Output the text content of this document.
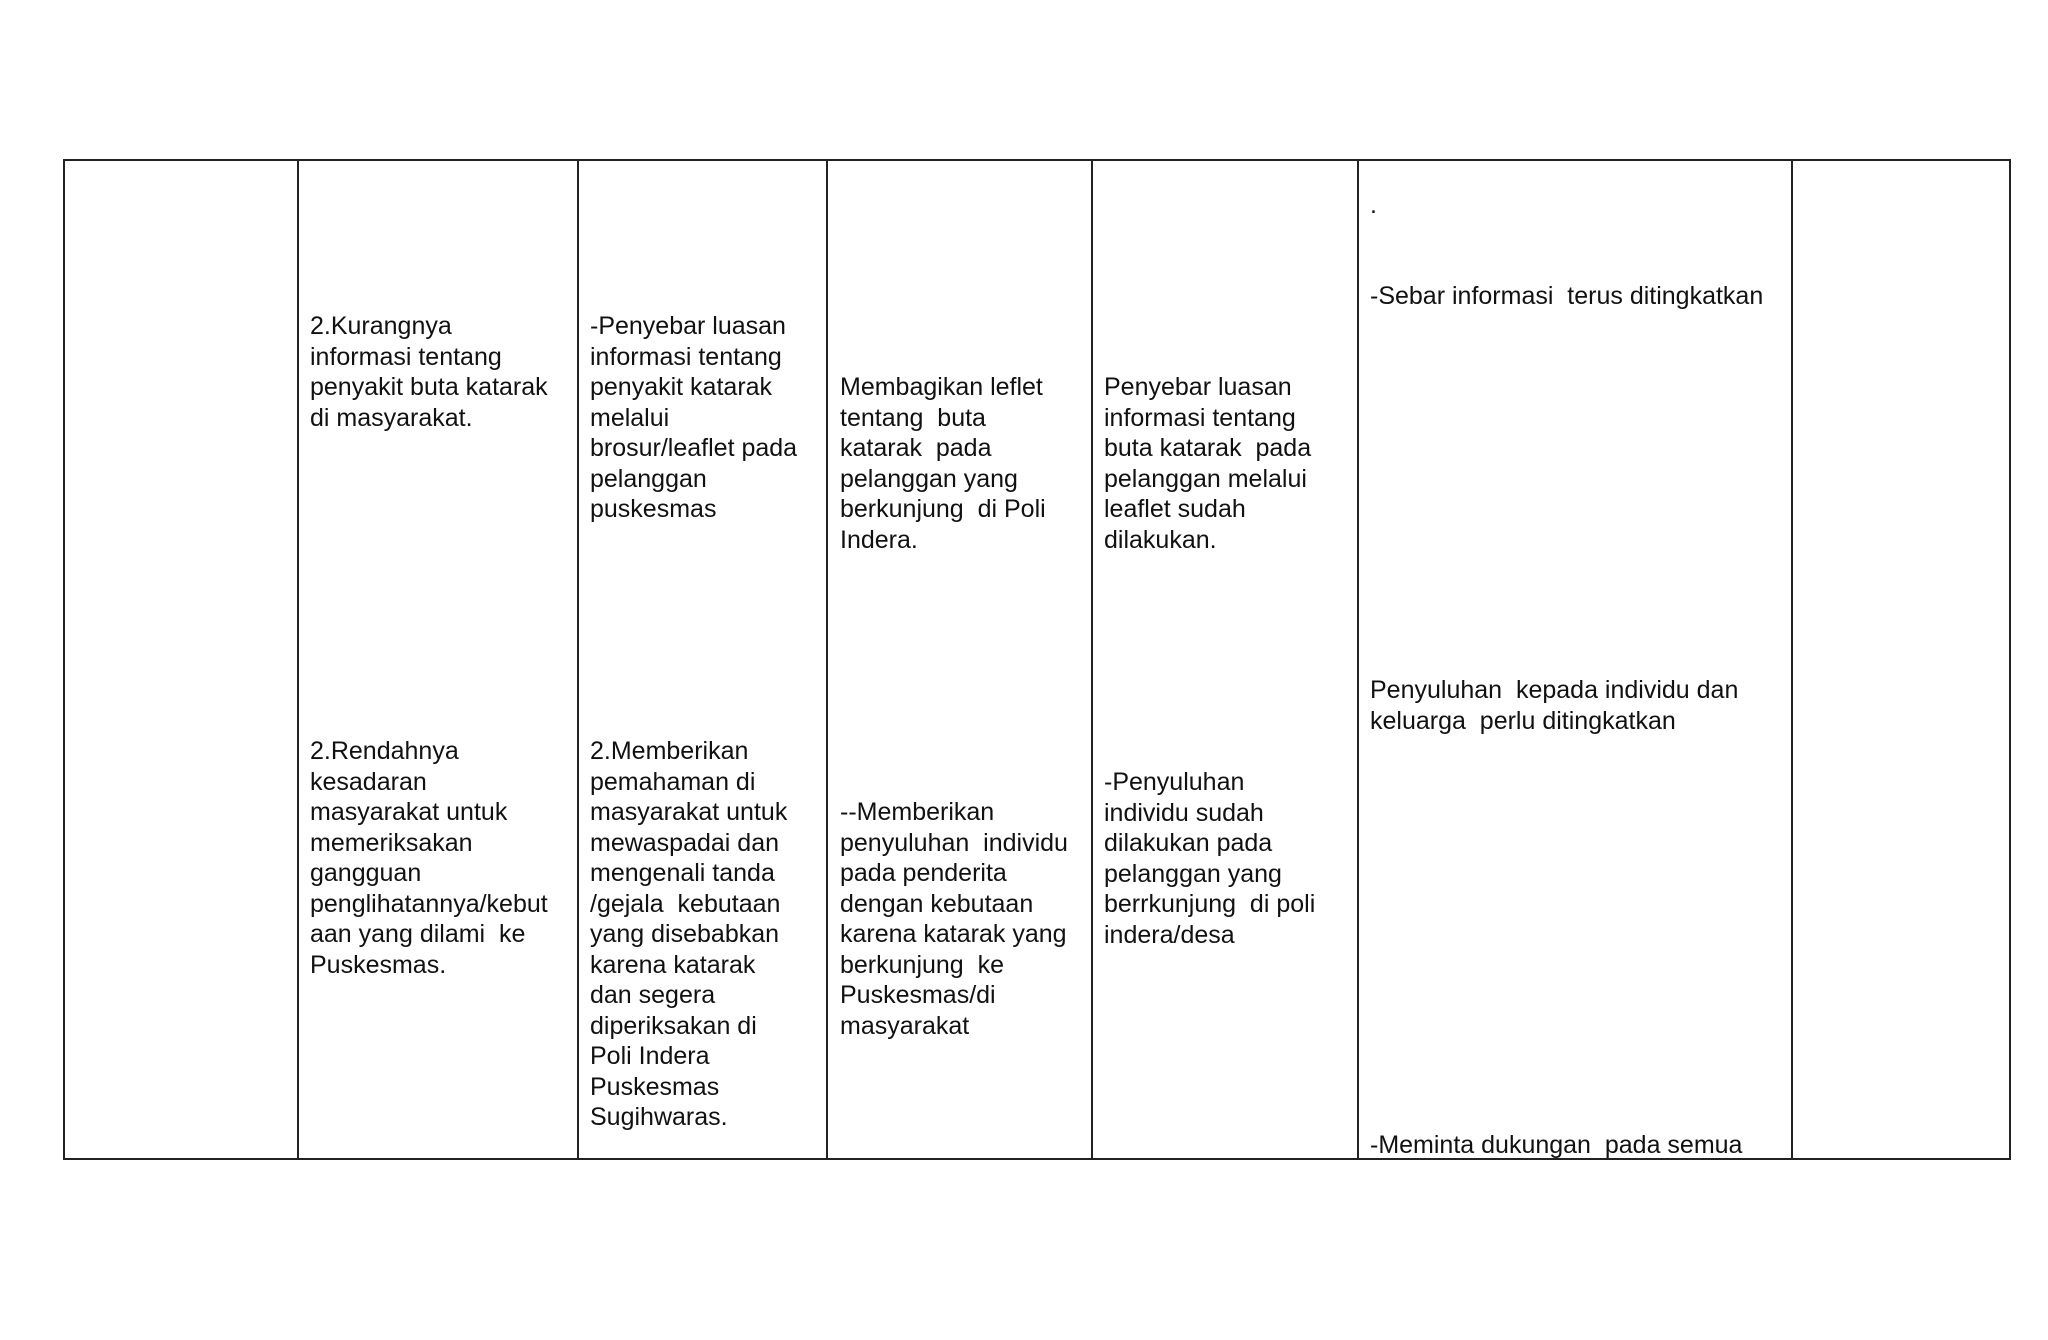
2.Kurangnya
informasi tentang
penyakit buta katarak
di masyarakat.
-Penyebar luasan
informasi tentang
penyakit katarak
melalui
brosur/leaflet pada
pelanggan
puskesmas
Membagikan leflet
tentang  buta
katarak  pada
pelanggan yang
berkunjung  di Poli
Indera.
Penyebar luasan
informasi tentang
buta katarak  pada
pelanggan melalui
leaflet sudah
dilakukan.
.
-Sebar informasi  terus ditingkatkan
2.Rendahnya
kesadaran
masyarakat untuk
memeriksakan
gangguan
penglihatannya/kebut
aan yang dilami  ke
Puskesmas.
2.Memberikan
pemahaman di
masyarakat untuk
mewaspadai dan
mengenali tanda
/gejala  kebutaan
yang disebabkan
karena katarak
dan segera
diperiksakan di
Poli Indera
Puskesmas
Sugihwaras.
--Memberikan
penyuluhan  individu
pada penderita
dengan kebutaan
karena katarak yang
berkunjung  ke
Puskesmas/di
masyarakat
-Penyuluhan
individu sudah
dilakukan pada
pelanggan yang
berrkunjung  di poli
indera/desa
Penyuluhan  kepada individu dan
keluarga  perlu ditingkatkan
-Meminta dukungan  pada semua
